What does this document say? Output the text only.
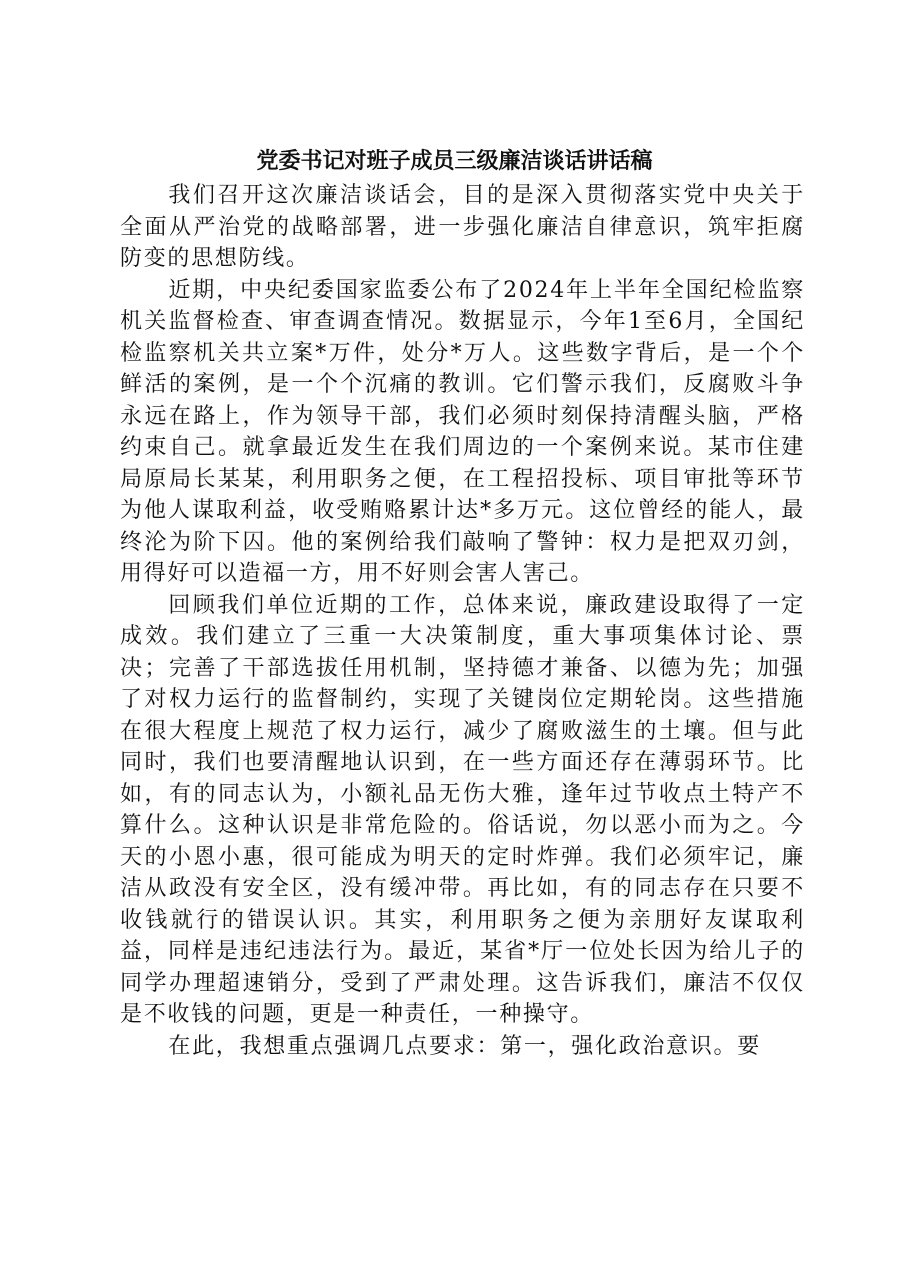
党委书记对班子成员三级廉洁谈话讲话稿

我们召开这次廉洁谈话会，目的是深入贯彻落实党中央关于全面从严治党的战略部署，进一步强化廉洁自律意识，筑牢拒腐防变的思想防线。

近期，中央纪委国家监委公布了2024年上半年全国纪检监察机关监督检查、审查调查情况。数据显示，今年1至6月，全国纪检监察机关共立案*万件，处分*万人。这些数字背后，是一个个鲜活的案例，是一个个沉痛的教训。它们警示我们，反腐败斗争永远在路上，作为领导干部，我们必须时刻保持清醒头脑，严格约束自己。就拿最近发生在我们周边的一个案例来说。某市住建局原局长某某，利用职务之便，在工程招投标、项目审批等环节为他人谋取利益，收受贿赂累计达*多万元。这位曾经的能人，最终沦为阶下囚。他的案例给我们敲响了警钟：权力是把双刃剑，用得好可以造福一方，用不好则会害人害己。

回顾我们单位近期的工作，总体来说，廉政建设取得了一定成效。我们建立了三重一大决策制度，重大事项集体讨论、票决；完善了干部选拔任用机制，坚持德才兼备、以德为先；加强了对权力运行的监督制约，实现了关键岗位定期轮岗。这些措施在很大程度上规范了权力运行，减少了腐败滋生的土壤。但与此同时，我们也要清醒地认识到，在一些方面还存在薄弱环节。比如，有的同志认为，小额礼品无伤大雅，逢年过节收点土特产不算什么。这种认识是非常危险的。俗话说，勿以恶小而为之。今天的小恩小惠，很可能成为明天的定时炸弹。我们必须牢记，廉洁从政没有安全区，没有缓冲带。再比如，有的同志存在只要不收钱就行的错误认识。其实，利用职务之便为亲朋好友谋取利益，同样是违纪违法行为。最近，某省*厅一位处长因为给儿子的同学办理超速销分，受到了严肃处理。这告诉我们，廉洁不仅仅是不收钱的问题，更是一种责任，一种操守。

在此，我想重点强调几点要求：第一，强化政治意识。要
